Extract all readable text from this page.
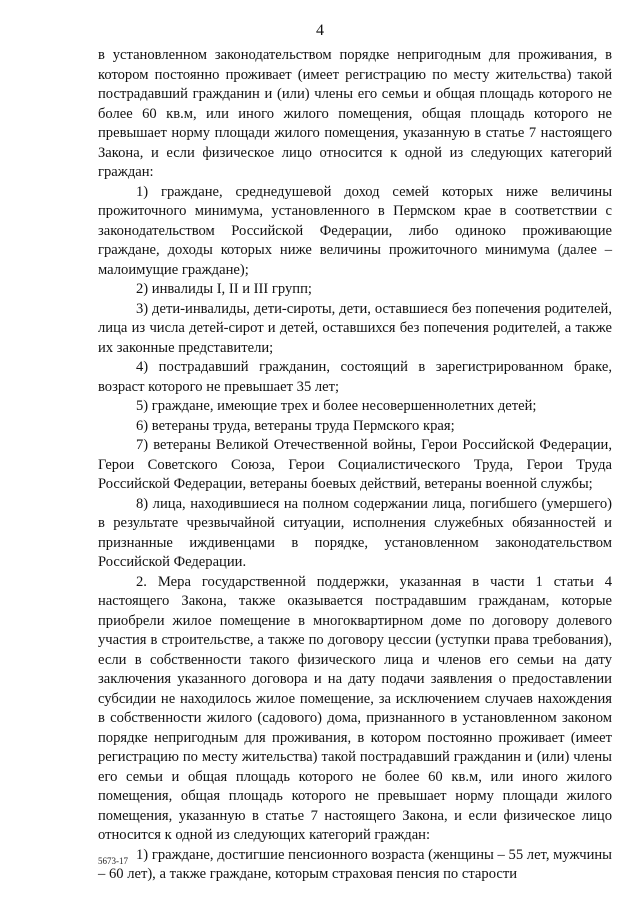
4

в установленном законодательством порядке непригодным для проживания, в котором постоянно проживает (имеет регистрацию по месту жительства) такой пострадавший гражданин и (или) члены его семьи и общая площадь которого не более 60 кв.м, или иного жилого помещения, общая площадь которого не превышает норму площади жилого помещения, указанную в статье 7 настоящего Закона, и если физическое лицо относится к одной из следующих категорий граждан:

1) граждане, среднедушевой доход семей которых ниже величины прожиточного минимума, установленного в Пермском крае в соответствии с законодательством Российской Федерации, либо одиноко проживающие граждане, доходы которых ниже величины прожиточного минимума (далее – малоимущие граждане);

2) инвалиды I, II и III групп;

3) дети-инвалиды, дети-сироты, дети, оставшиеся без попечения родителей, лица из числа детей-сирот и детей, оставшихся без попечения родителей, а также их законные представители;

4) пострадавший гражданин, состоящий в зарегистрированном браке, возраст которого не превышает 35 лет;

5) граждане, имеющие трех и более несовершеннолетних детей;

6) ветераны труда, ветераны труда Пермского края;

7) ветераны Великой Отечественной войны, Герои Российской Федерации, Герои Советского Союза, Герои Социалистического Труда, Герои Труда Российской Федерации, ветераны боевых действий, ветераны военной службы;

8) лица, находившиеся на полном содержании лица, погибшего (умершего) в результате чрезвычайной ситуации, исполнения служебных обязанностей и признанные иждивенцами в порядке, установленном законодательством Российской Федерации.

2. Мера государственной поддержки, указанная в части 1 статьи 4 настоящего Закона, также оказывается пострадавшим гражданам, которые приобрели жилое помещение в многоквартирном доме по договору долевого участия в строительстве, а также по договору цессии (уступки права требования), если в собственности такого физического лица и членов его семьи на дату заключения указанного договора и на дату подачи заявления о предоставлении субсидии не находилось жилое помещение, за исключением случаев нахождения в собственности жилого (садового) дома, признанного в установленном законом порядке непригодным для проживания, в котором постоянно проживает (имеет регистрацию по месту жительства) такой пострадавший гражданин и (или) члены его семьи и общая площадь которого не более 60 кв.м, или иного жилого помещения, общая площадь которого не превышает норму площади жилого помещения, указанную в статье 7 настоящего Закона, и если физическое лицо относится к одной из следующих категорий граждан:

1) граждане, достигшие пенсионного возраста (женщины – 55 лет, мужчины – 60 лет), а также граждане, которым страховая пенсия по старости

5673-17
